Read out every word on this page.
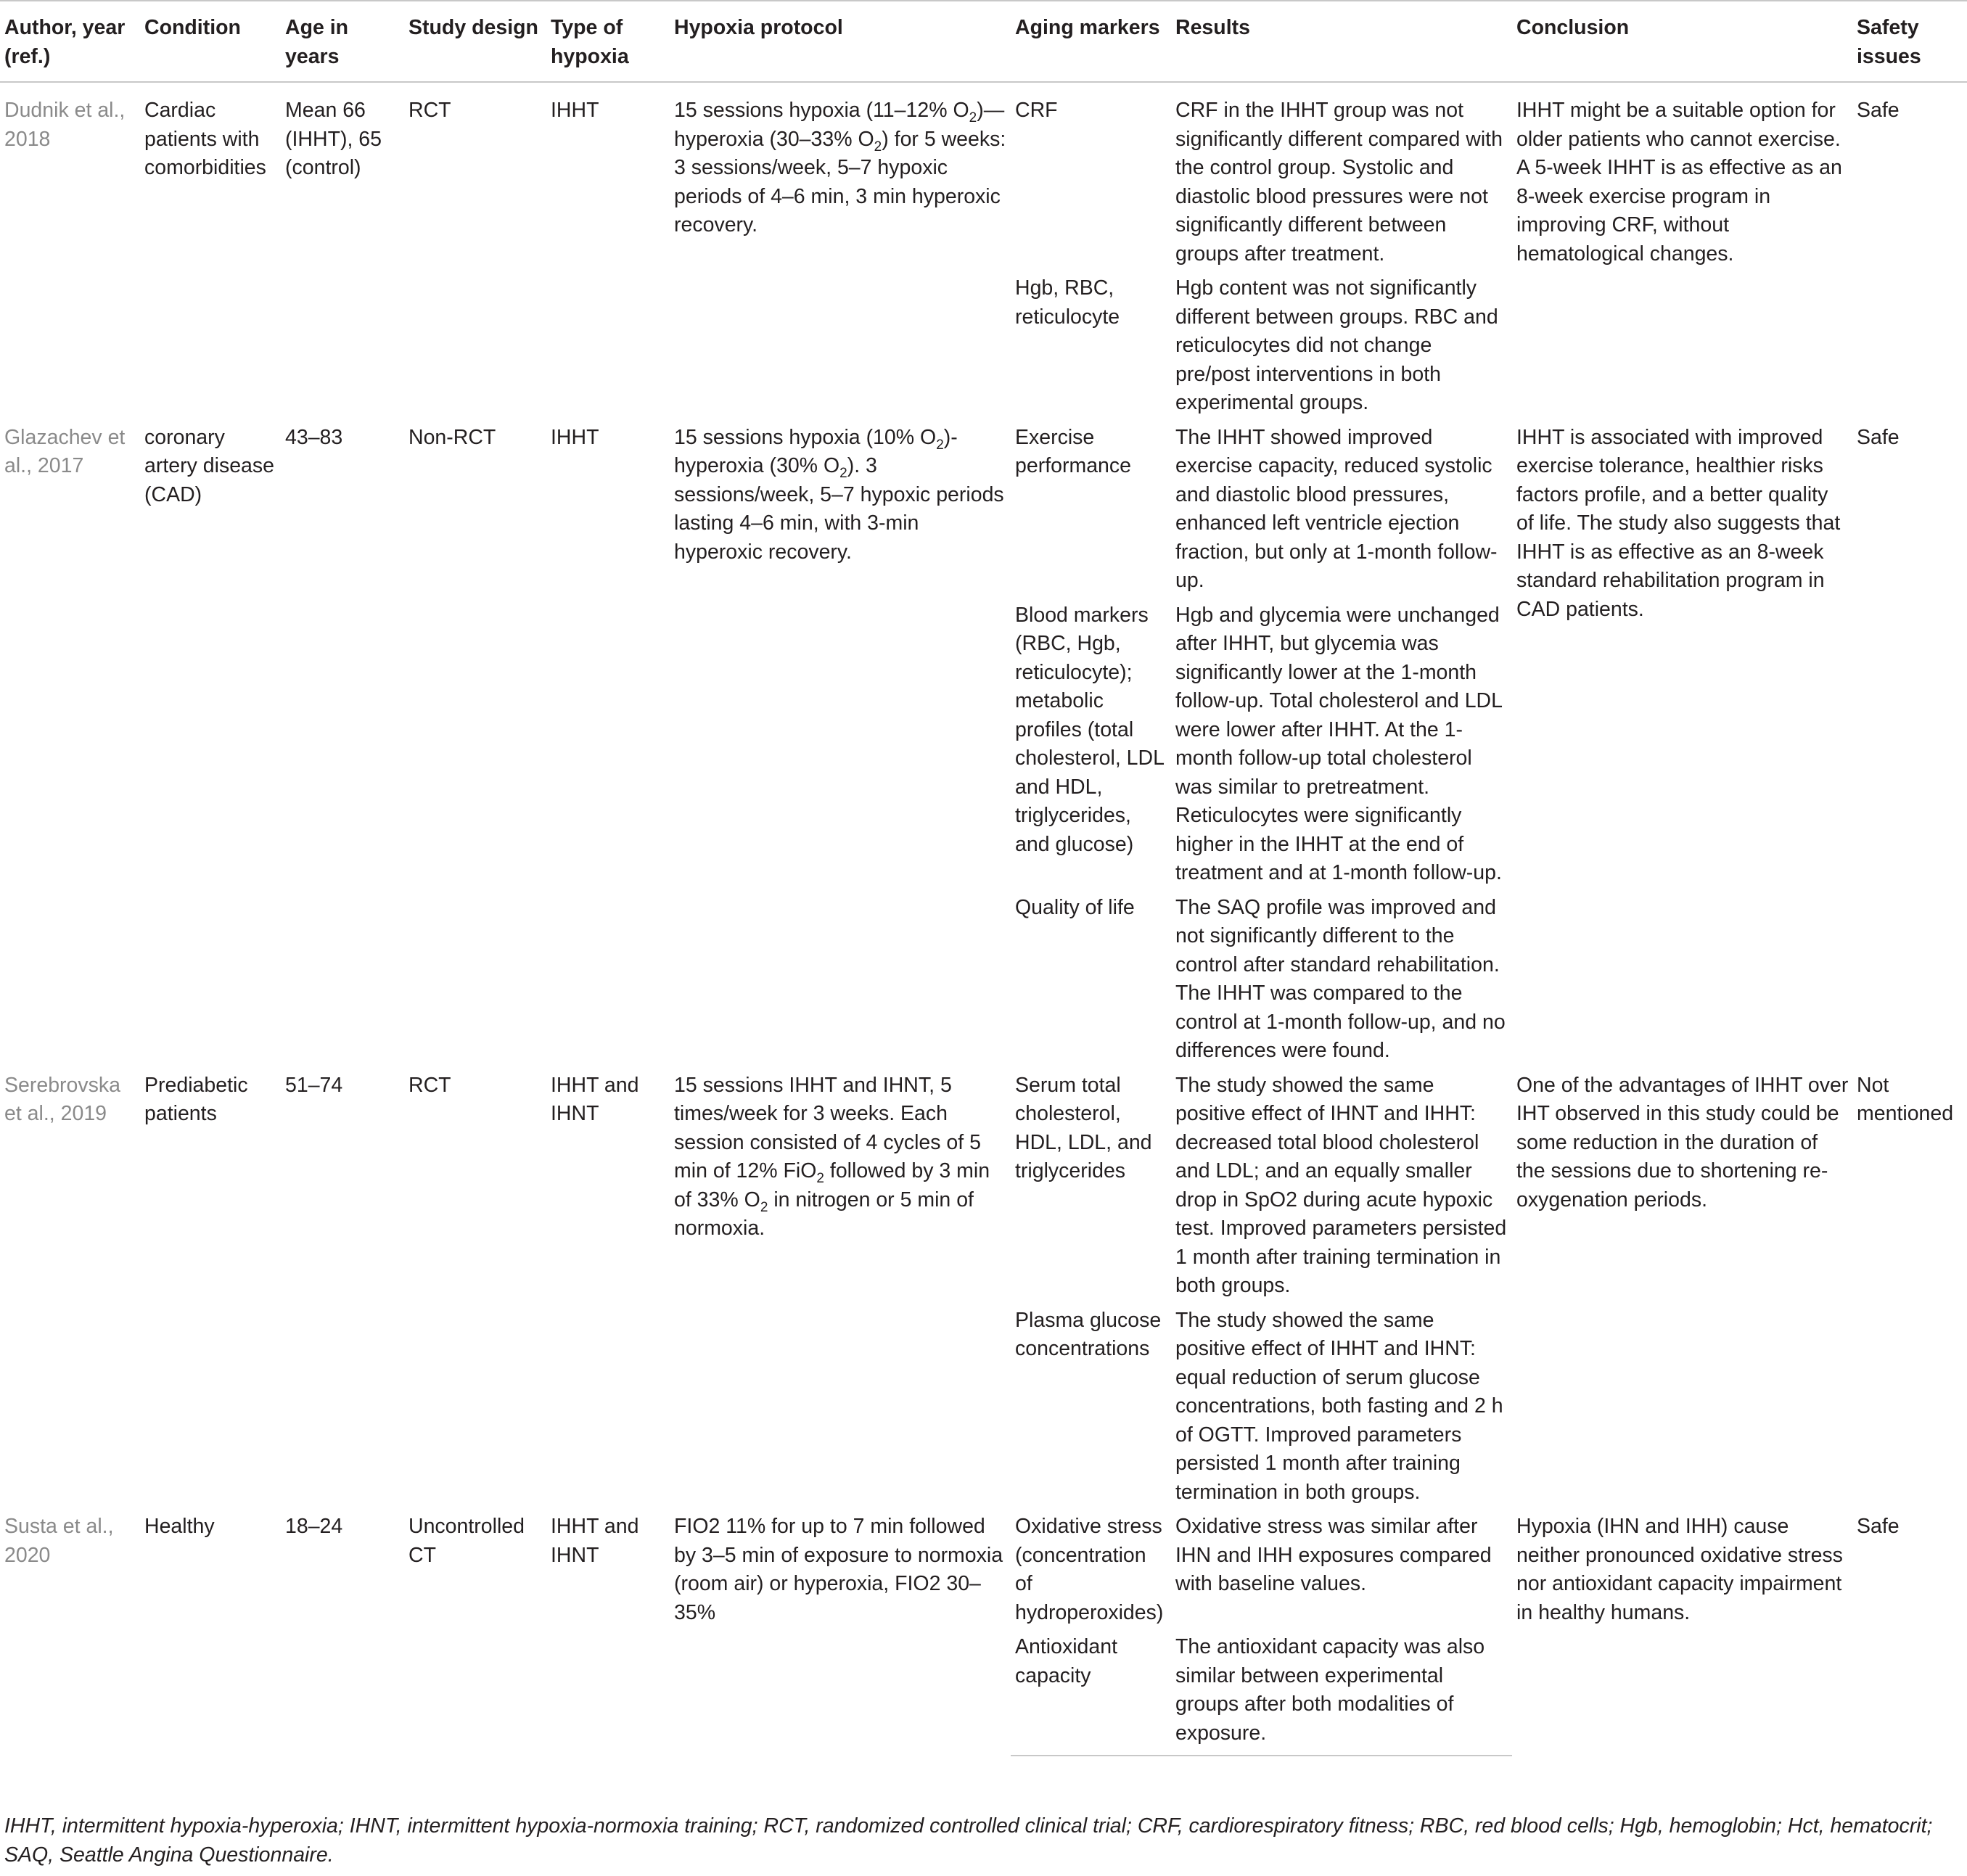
Author, year (ref.)	Condition	Age in years	Study design	Type of hypoxia	Hypoxia protocol	Aging markers	Results	Conclusion	Safety issues
Dudnik et al., 2018	Cardiac patients with comorbidities	Mean 66 (IHHT), 65 (control)	RCT	IHHT	15 sessions hypoxia (11–12% $O_2)—hyperoxia$ (30–33% $O_2$) for 5 weeks: 3 sessions/week, 5–7 hypoxic periods of 4–6 min, 3 min hyperoxic recovery.	CRF	CRF in the IHHT group was not significantly different compared with the control group. Systolic and diastolic blood pressures were not significantly different between groups after treatment.	IHHT might be a suitable option for older patients who cannot exercise. A 5-week IHHT is as effective as an 8-week exercise program in improving CRF, without hematological changes.	Safe
						Hgb, RBC, reticulocyte	Hgb content was not significantly different between groups. RBC and reticulocytes did not change pre/post interventions in both experimental groups.		
Glazachev et al., 2017	coronary artery disease (CAD)	43–83	Non-RCT	IHHT	15 sessions hypoxia (10% $O_2$)-hyperoxia (30% $O_2$). 3 sessions/week, 5–7 hypoxic periods lasting 4–6 min, with 3-min hyperoxic recovery.	Exercise performance	The IHHT showed improved exercise capacity, reduced systolic and diastolic blood pressures, enhanced left ventricle ejection fraction, but only at 1-month follow-up.	IHHT is associated with improved exercise tolerance, healthier risks factors profile, and a better quality of life. The study also suggests that IHHT is as effective as an 8-week standard rehabilitation program in CAD patients.	Safe
						Blood markers (RBC, Hgb, reticulocyte); metabolic profiles (total cholesterol, LDL and HDL, triglycerides, and glucose)	Hgb and glycemia were unchanged after IHHT, but glycemia was significantly lower at the 1-month follow-up. Total cholesterol and LDL were lower after IHHT. At the 1-month follow-up total cholesterol was similar to pretreatment. Reticulocytes were significantly higher in the IHHT at the end of treatment and at 1-month follow-up.		
						Quality of life	The SAQ profile was improved and not significantly different to the control after standard rehabilitation. The IHHT was compared to the control at 1-month follow-up, and no differences were found.		
Serebrovska et al., 2019	Prediabetic patients	51–74	RCT	IHHT and IHNT	15 sessions IHHT and IHNT, 5 times/week for 3 weeks. Each session consisted of 4 cycles of 5 min of 12% FiO$_2$ followed by 3 min of 33% $O_2$ in nitrogen or 5 min of normoxia.	Serum total cholesterol, HDL, LDL, and triglycerides	The study showed the same positive effect of IHNT and IHHT: decreased total blood cholesterol and LDL; and an equally smaller drop in SpO2 during acute hypoxic test. Improved parameters persisted 1 month after training termination in both groups.	One of the advantages of IHHT over IHT observed in this study could be some reduction in the duration of the sessions due to shortening re-oxygenation periods.	Not mentioned
						Plasma glucose concentrations	The study showed the same positive effect of IHHT and IHNT: equal reduction of serum glucose concentrations, both fasting and 2 h of OGTT. Improved parameters persisted 1 month after training termination in both groups.		
Susta et al., 2020	Healthy	18–24	Uncontrolled CT	IHHT and IHNT	FIO2 11% for up to 7 min followed by 3–5 min of exposure to normoxia (room air) or hyperoxia, FIO2 30–35%	Oxidative stress (concentration of hydroperoxides)	Oxidative stress was similar after IHN and IHH exposures compared with baseline values.	Hypoxia (IHN and IHH) cause neither pronounced oxidative stress nor antioxidant capacity impairment in healthy humans.	Safe
						Antioxidant capacity	The antioxidant capacity was also similar between experimental groups after both modalities of exposure.		
IHHT, intermittent hypoxia-hyperoxia; IHNT, intermittent hypoxia-normoxia training; RCT, randomized controlled clinical trial; CRF, cardiorespiratory fitness; RBC, red blood cells; Hgb, hemoglobin; Hct, hematocrit; SAQ, Seattle Angina Questionnaire.
